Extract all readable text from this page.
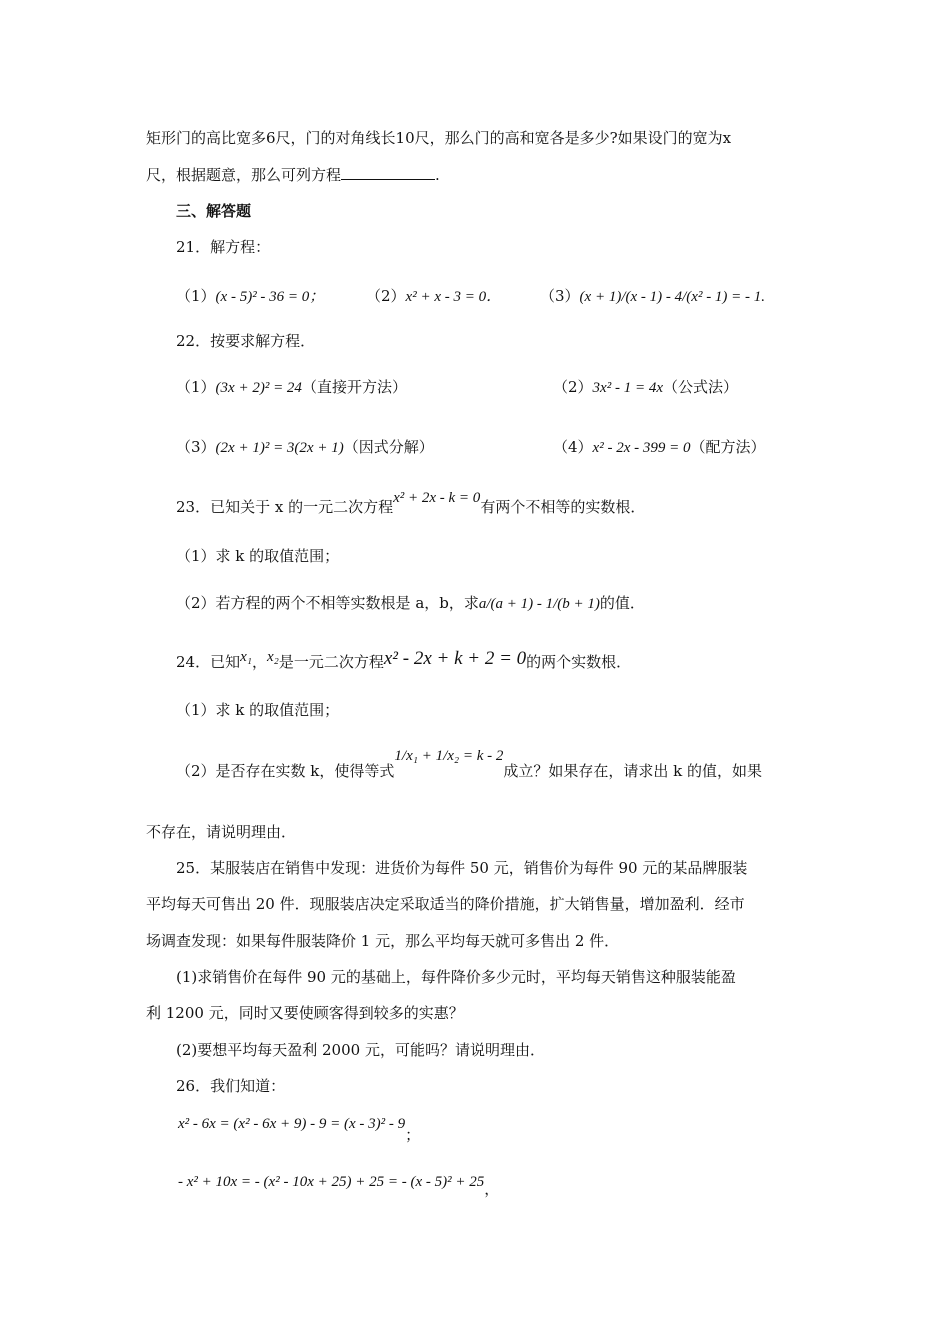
矩形门的高比宽多6尺，门的对角线长10尺，那么门的高和宽各是多少?如果设门的宽为x
尺，根据题意，那么可列方程	.
三、解答题
21．解方程：
（1）(x - 5)² - 36 = 0；	（2）x² + x - 3 = 0．	（3）(x + 1)/(x - 1) - 4/(x² - 1) = - 1.
22．按要求解方程．
（1）(3x + 2)² = 24（直接开方法）	（2）3x² - 1 = 4x（公式法）
（3）(2x + 1)² = 3(2x + 1)（因式分解）	（4）x² - 2x - 399 = 0（配方法）
23．已知关于 x 的一元二次方程x² + 2x - k = 0有两个不相等的实数根．
（1）求 k 的取值范围；
（2）若方程的两个不相等实数根是 a，b，求a/(a + 1) - 1/(b + 1)的值．
24．已知x₁，x₂是一元二次方程x² - 2x + k + 2 = 0的两个实数根．
（1）求 k 的取值范围；
（2）是否存在实数 k，使得等式1/x₁ + 1/x₂ = k - 2成立？如果存在，请求出 k 的值，如果
不存在，请说明理由．
25．某服装店在销售中发现：进货价为每件 50 元，销售价为每件 90 元的某品牌服装
平均每天可售出 20 件．现服装店决定采取适当的降价措施，扩大销售量，增加盈利．经市
场调查发现：如果每件服装降价 1 元，那么平均每天就可多售出 2 件．
(1)求销售价在每件 90 元的基础上，每件降价多少元时，平均每天销售这种服装能盈
利 1200 元，同时又要使顾客得到较多的实惠？
(2)要想平均每天盈利 2000 元，可能吗？请说明理由．
26．我们知道：
x² - 6x = (x² - 6x + 9) - 9 = (x - 3)² - 9；
- x² + 10x = - (x² - 10x + 25) + 25 = - (x - 5)² + 25，
